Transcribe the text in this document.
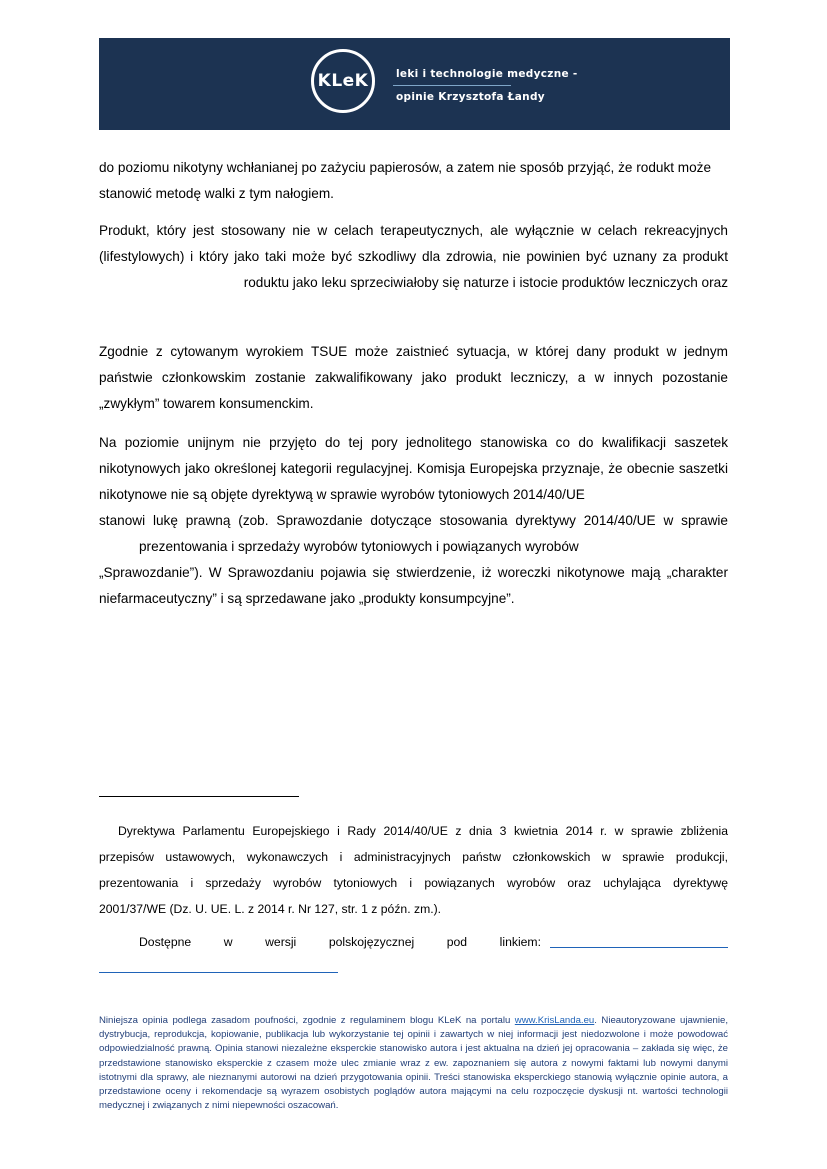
KLeK	leki i technologie medyczne -
opinie Krzysztofa Łandy
do poziomu nikotyny wchłanianej po zażyciu papierosów, a zatem nie sposób przyjąć, że rodukt może
stanowić metodę walki z tym nałogiem.
Produkt, który jest stosowany nie w celach terapeutycznych, ale wyłącznie w celach rekreacyjnych
(lifestylowych) i który jako taki może być szkodliwy dla zdrowia, nie powinien być uznany za produkt
roduktu jako leku sprzeciwiałoby się naturze i istocie produktów leczniczych oraz
Zgodnie z cytowanym wyrokiem TSUE może zaistnieć sytuacja, w której dany produkt w jednym
państwie członkowskim zostanie zakwalifikowany jako produkt leczniczy, a w innych pozostanie
„zwykłym” towarem konsumenckim.
Na poziomie unijnym nie przyjęto do tej pory jednolitego stanowiska co do kwalifikacji saszetek
nikotynowych jako określonej kategorii regulacyjnej. Komisja Europejska przyznaje, że obecnie saszetki
nikotynowe nie są objęte dyrektywą w sprawie wyrobów tytoniowych 2014/40/UE
stanowi lukę prawną (zob. Sprawozdanie dotyczące stosowania dyrektywy 2014/40/UE w sprawie
prezentowania i sprzedaży wyrobów tytoniowych i powiązanych wyrobów
„Sprawozdanie”). W Sprawozdaniu pojawia się stwierdzenie, iż woreczki nikotynowe mają „charakter
niefarmaceutyczny” i są sprzedawane jako „produkty konsumpcyjne”.
Dyrektywa Parlamentu Europejskiego i Rady 2014/40/UE z dnia 3 kwietnia 2014 r. w sprawie zbliżenia
przepisów ustawowych, wykonawczych i administracyjnych państw członkowskich w sprawie produkcji,
prezentowania i sprzedaży wyrobów tytoniowych i powiązanych wyrobów oraz uchylająca dyrektywę
2001/37/WE (Dz. U. UE. L. z 2014 r. Nr 127, str. 1 z późn. zm.).
Dostępne	w	wersji	polskojęzycznej	pod	linkiem:
Niniejsza opinia podlega zasadom poufności, zgodnie z regulaminem blogu KLeK na portalu www.KrisLanda.eu. Nieautoryzowane ujawnienie, dystrybucja, reprodukcja, kopiowanie, publikacja lub wykorzystanie tej opinii i zawartych w niej informacji jest niedozwolone i może powodować odpowiedzialność prawną. Opinia stanowi niezależne eksperckie stanowisko autora i jest aktualna na dzień jej opracowania – zakłada się więc, że przedstawione stanowisko eksperckie z czasem może ulec zmianie wraz z ew. zapoznaniem się autora z nowymi faktami lub nowymi danymi istotnymi dla sprawy, ale nieznanymi autorowi na dzień przygotowania opinii. Treści stanowiska eksperckiego stanowią wyłącznie opinie autora, a przedstawione oceny i rekomendacje są wyrazem osobistych poglądów autora mającymi na celu rozpoczęcie dyskusji nt. wartości technologii medycznej i związanych z nimi niepewności oszacowań.
